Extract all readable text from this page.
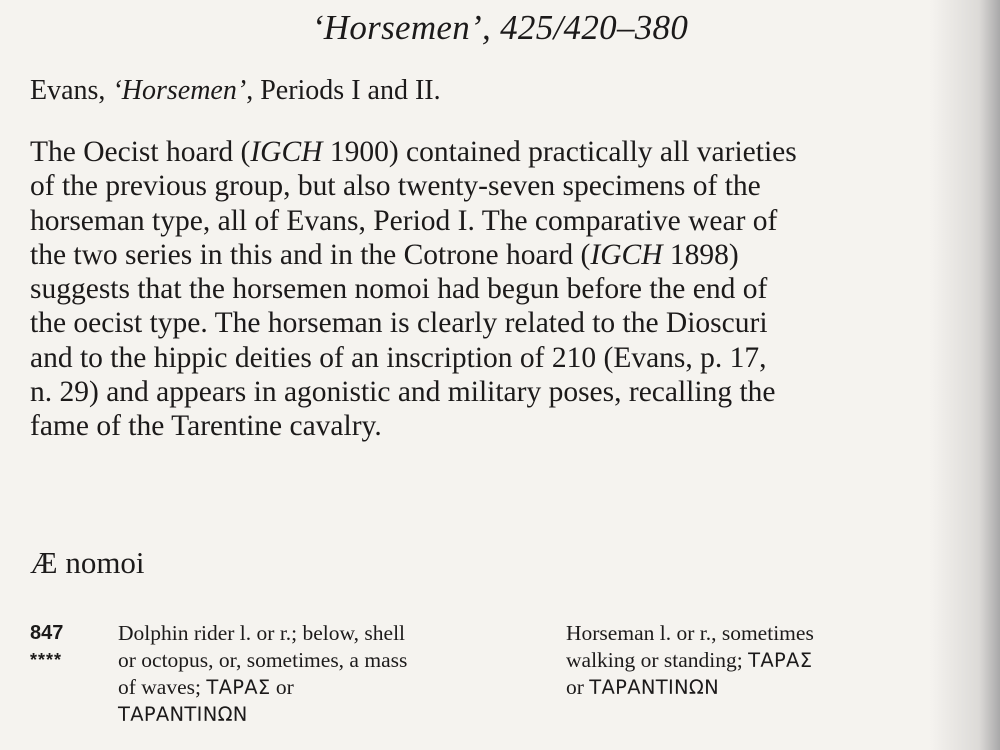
‘Horsemen’, 425/420–380
Evans, ‘Horsemen’, Periods I and II.
The Oecist hoard (IGCH 1900) contained practically all varieties
of the previous group, but also twenty-seven specimens of the
horseman type, all of Evans, Period I. The comparative wear of
the two series in this and in the Cotrone hoard (IGCH 1898)
suggests that the horsemen nomoi had begun before the end of
the oecist type. The horseman is clearly related to the Dioscuri
and to the hippic deities of an inscription of 210 (Evans, p. 17,
n. 29) and appears in agonistic and military poses, recalling the
fame of the Tarentine cavalry.
Æ nomoi
847
****
Dolphin rider l. or r.; below, shell
or octopus, or, sometimes, a mass
of waves; ΤΑΡΑΣ or
ΤΑΡΑΝΤΙΝΩΝ
Horseman l. or r., sometimes
walking or standing; ΤΑΡΑΣ
or ΤΑΡΑΝΤΙΝΩΝ
